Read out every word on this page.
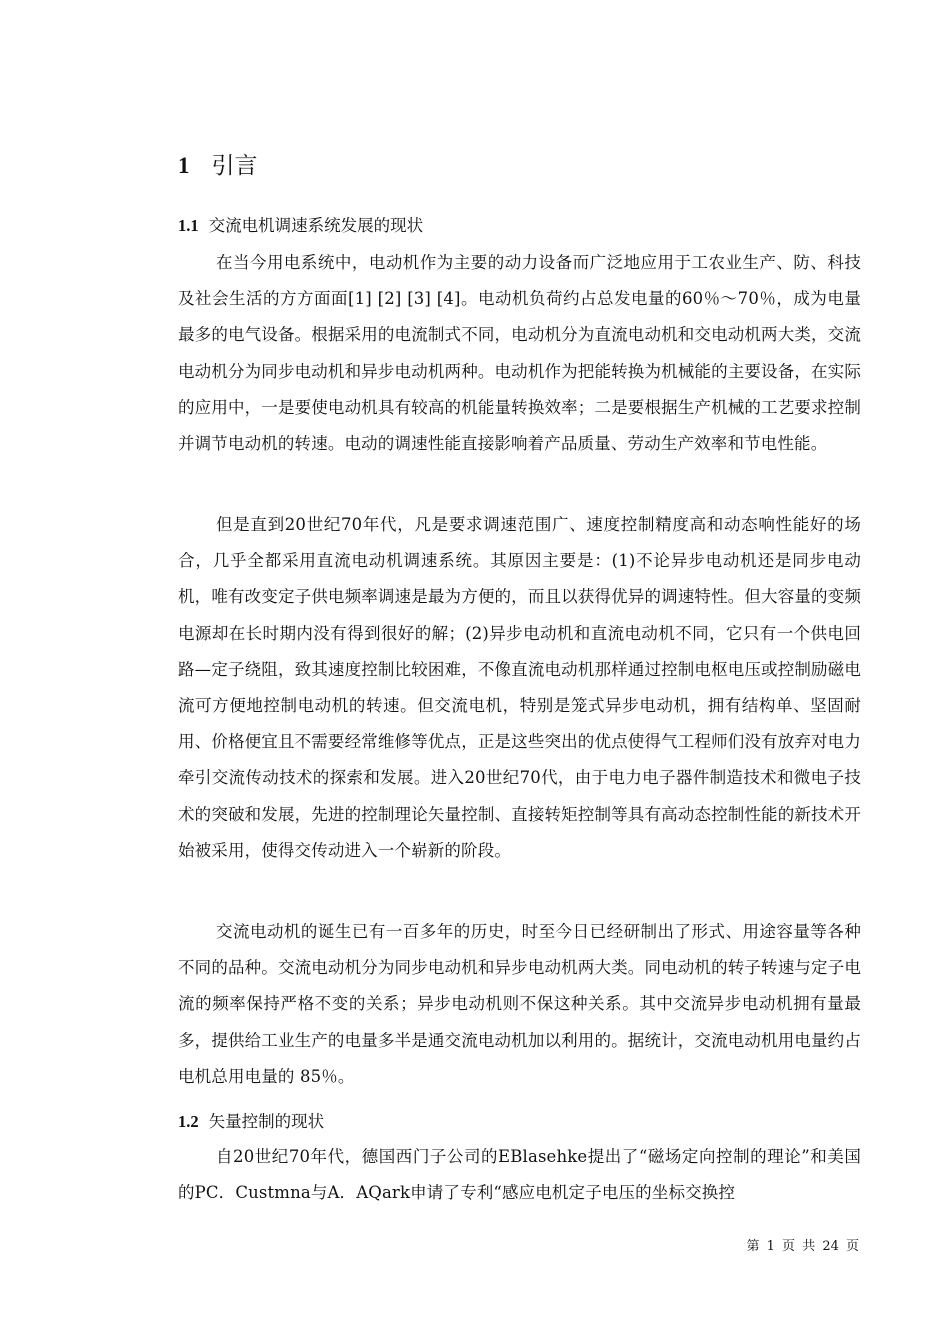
1 引言
1.1 交流电机调速系统发展的现状

在当今用电系统中，电动机作为主要的动力设备而广泛地应用于工农业生产、防、科技及社会生活的方方面面[1] [2] [3] [4]。电动机负荷约占总发电量的60％～70％，成为电量最多的电气设备。根据采用的电流制式不同，电动机分为直流电动机和交电动机两大类，交流电动机分为同步电动机和异步电动机两种。电动机作为把能转换为机械能的主要设备，在实际的应用中，一是要使电动机具有较高的机能量转换效率；二是要根据生产机械的工艺要求控制并调节电动机的转速。电动的调速性能直接影响着产品质量、劳动生产效率和节电性能。

但是直到20世纪70年代，凡是要求调速范围广、速度控制精度高和动态响性能好的场合，几乎全都采用直流电动机调速系统。其原因主要是：(1)不论异步电动机还是同步电动机，唯有改变定子供电频率调速是最为方便的，而且以获得优异的调速特性。但大容量的变频电源却在长时期内没有得到很好的解；(2)异步电动机和直流电动机不同，它只有一个供电回路—定子绕阻，致其速度控制比较困难，不像直流电动机那样通过控制电枢电压或控制励磁电流可方便地控制电动机的转速。但交流电机，特别是笼式异步电动机，拥有结构单、坚固耐用、价格便宜且不需要经常维修等优点，正是这些突出的优点使得气工程师们没有放弃对电力牵引交流传动技术的探索和发展。进入20世纪70代，由于电力电子器件制造技术和微电子技术的突破和发展，先进的控制理论矢量控制、直接转矩控制等具有高动态控制性能的新技术开始被采用，使得交传动进入一个崭新的阶段。

交流电动机的诞生已有一百多年的历史，时至今日已经研制出了形式、用途容量等各种不同的品种。交流电动机分为同步电动机和异步电动机两大类。同电动机的转子转速与定子电流的频率保持严格不变的关系；异步电动机则不保这种关系。其中交流异步电动机拥有量最多，提供给工业生产的电量多半是通交流电动机加以利用的。据统计，交流电动机用电量约占电机总用电量的 85％。

1.2 矢量控制的现状

自20世纪70年代，德国西门子公司的EBlasehke提出了“磁场定向控制的理论”和美国的PC．Custmna与A．AQark申请了专利“感应电机定子电压的坐标交换控

第 1 页 共 24 页
